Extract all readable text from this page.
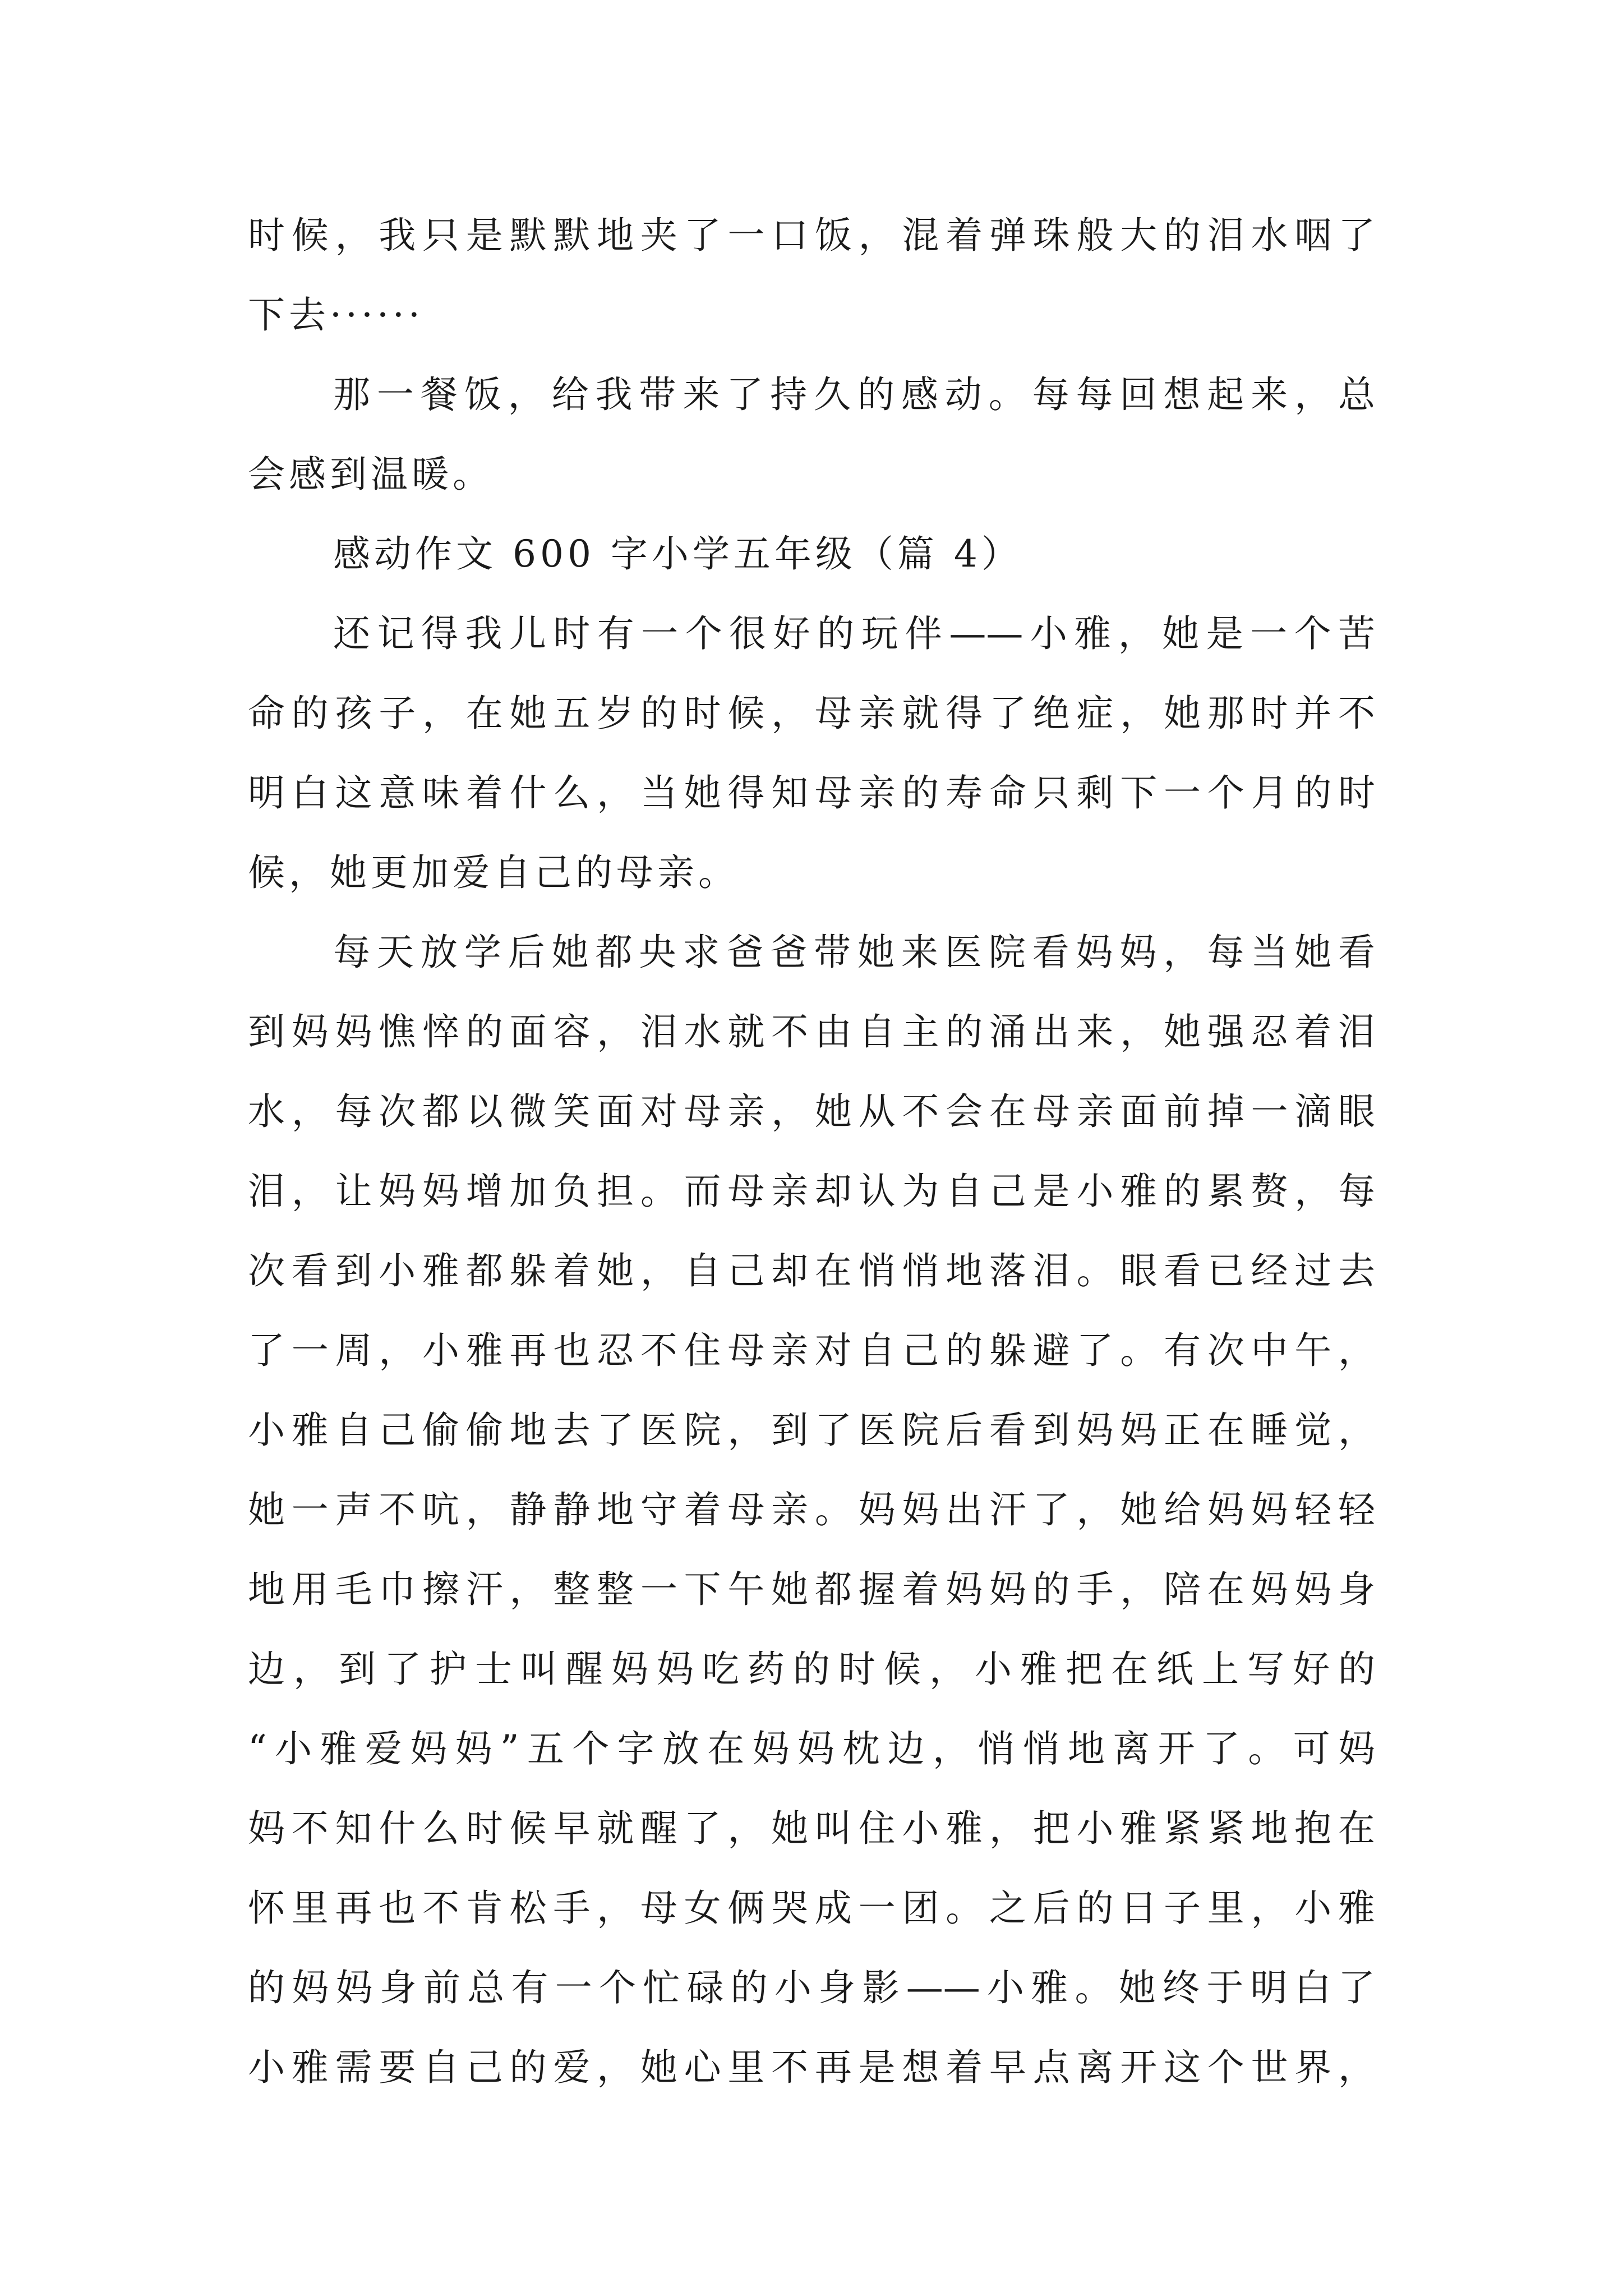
时候，我只是默默地夹了一口饭，混着弹珠般大的泪水咽了
下去······
那一餐饭，给我带来了持久的感动。每每回想起来，总
会感到温暖。
感动作文 600 字小学五年级（篇 4）
还记得我儿时有一个很好的玩伴——小雅，她是一个苦
命的孩子，在她五岁的时候，母亲就得了绝症，她那时并不
明白这意味着什么，当她得知母亲的寿命只剩下一个月的时
候，她更加爱自己的母亲。
每天放学后她都央求爸爸带她来医院看妈妈，每当她看
到妈妈憔悴的面容，泪水就不由自主的涌出来，她强忍着泪
水，每次都以微笑面对母亲，她从不会在母亲面前掉一滴眼
泪，让妈妈增加负担。而母亲却认为自己是小雅的累赘，每
次看到小雅都躲着她，自己却在悄悄地落泪。眼看已经过去
了一周，小雅再也忍不住母亲对自己的躲避了。有次中午，
小雅自己偷偷地去了医院，到了医院后看到妈妈正在睡觉，
她一声不吭，静静地守着母亲。妈妈出汗了，她给妈妈轻轻
地用毛巾擦汗，整整一下午她都握着妈妈的手，陪在妈妈身
边，到了护士叫醒妈妈吃药的时候，小雅把在纸上写好的
“小雅爱妈妈”五个字放在妈妈枕边，悄悄地离开了。可妈
妈不知什么时候早就醒了，她叫住小雅，把小雅紧紧地抱在
怀里再也不肯松手，母女俩哭成一团。之后的日子里，小雅
的妈妈身前总有一个忙碌的小身影——小雅。她终于明白了
小雅需要自己的爱，她心里不再是想着早点离开这个世界，
